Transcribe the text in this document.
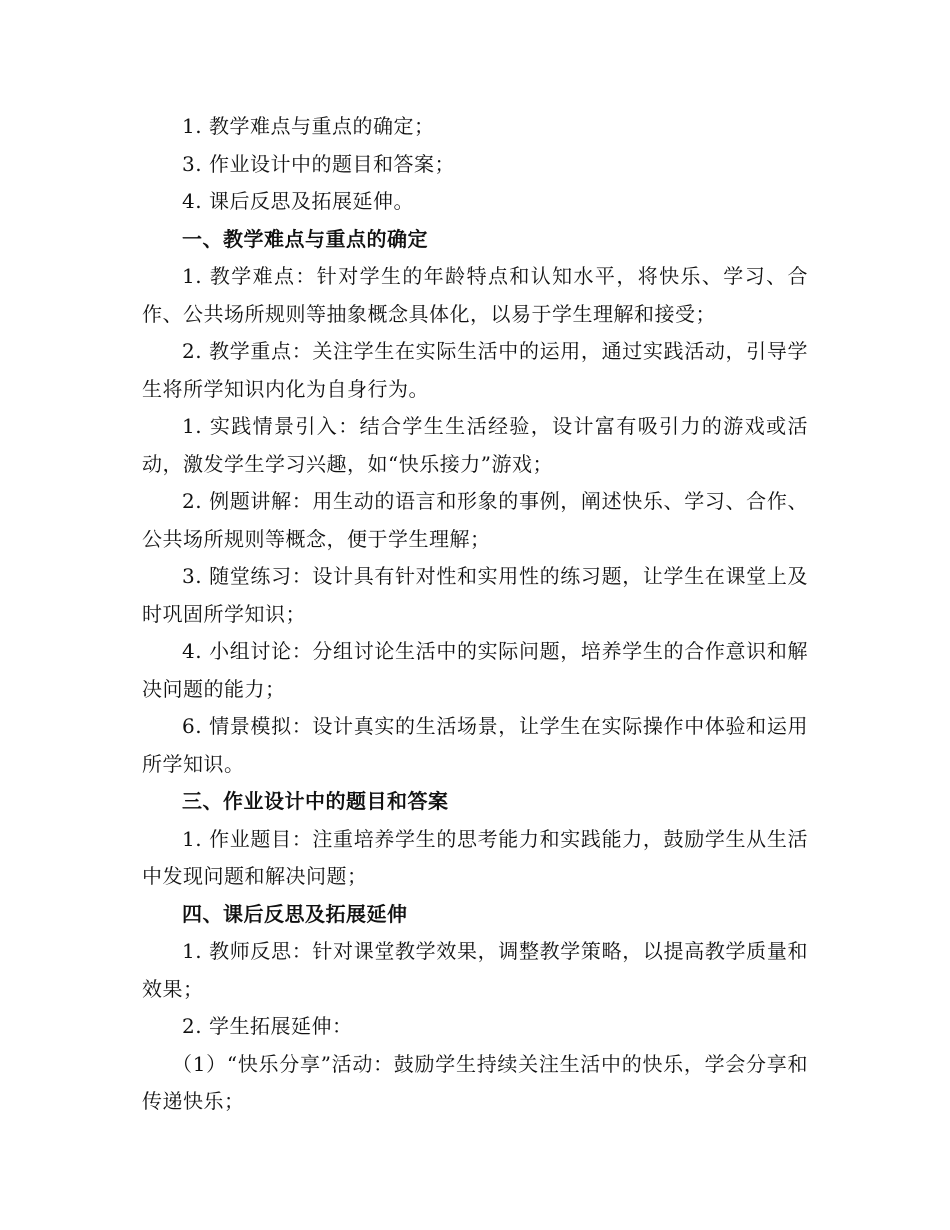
1. 教学难点与重点的确定；

3. 作业设计中的题目和答案；

4. 课后反思及拓展延伸。

一、教学难点与重点的确定

1. 教学难点：针对学生的年龄特点和认知水平，将快乐、学习、合作、公共场所规则等抽象概念具体化，以易于学生理解和接受；

2. 教学重点：关注学生在实际生活中的运用，通过实践活动，引导学生将所学知识内化为自身行为。

1. 实践情景引入：结合学生生活经验，设计富有吸引力的游戏或活动，激发学生学习兴趣，如“快乐接力”游戏；

2. 例题讲解：用生动的语言和形象的事例，阐述快乐、学习、合作、公共场所规则等概念，便于学生理解；

3. 随堂练习：设计具有针对性和实用性的练习题，让学生在课堂上及时巩固所学知识；

4. 小组讨论：分组讨论生活中的实际问题，培养学生的合作意识和解决问题的能力；

6. 情景模拟：设计真实的生活场景，让学生在实际操作中体验和运用所学知识。

三、作业设计中的题目和答案

1. 作业题目：注重培养学生的思考能力和实践能力，鼓励学生从生活中发现问题和解决问题；

四、课后反思及拓展延伸

1. 教师反思：针对课堂教学效果，调整教学策略，以提高教学质量和效果；

2. 学生拓展延伸：

（1）“快乐分享”活动：鼓励学生持续关注生活中的快乐，学会分享和传递快乐；
